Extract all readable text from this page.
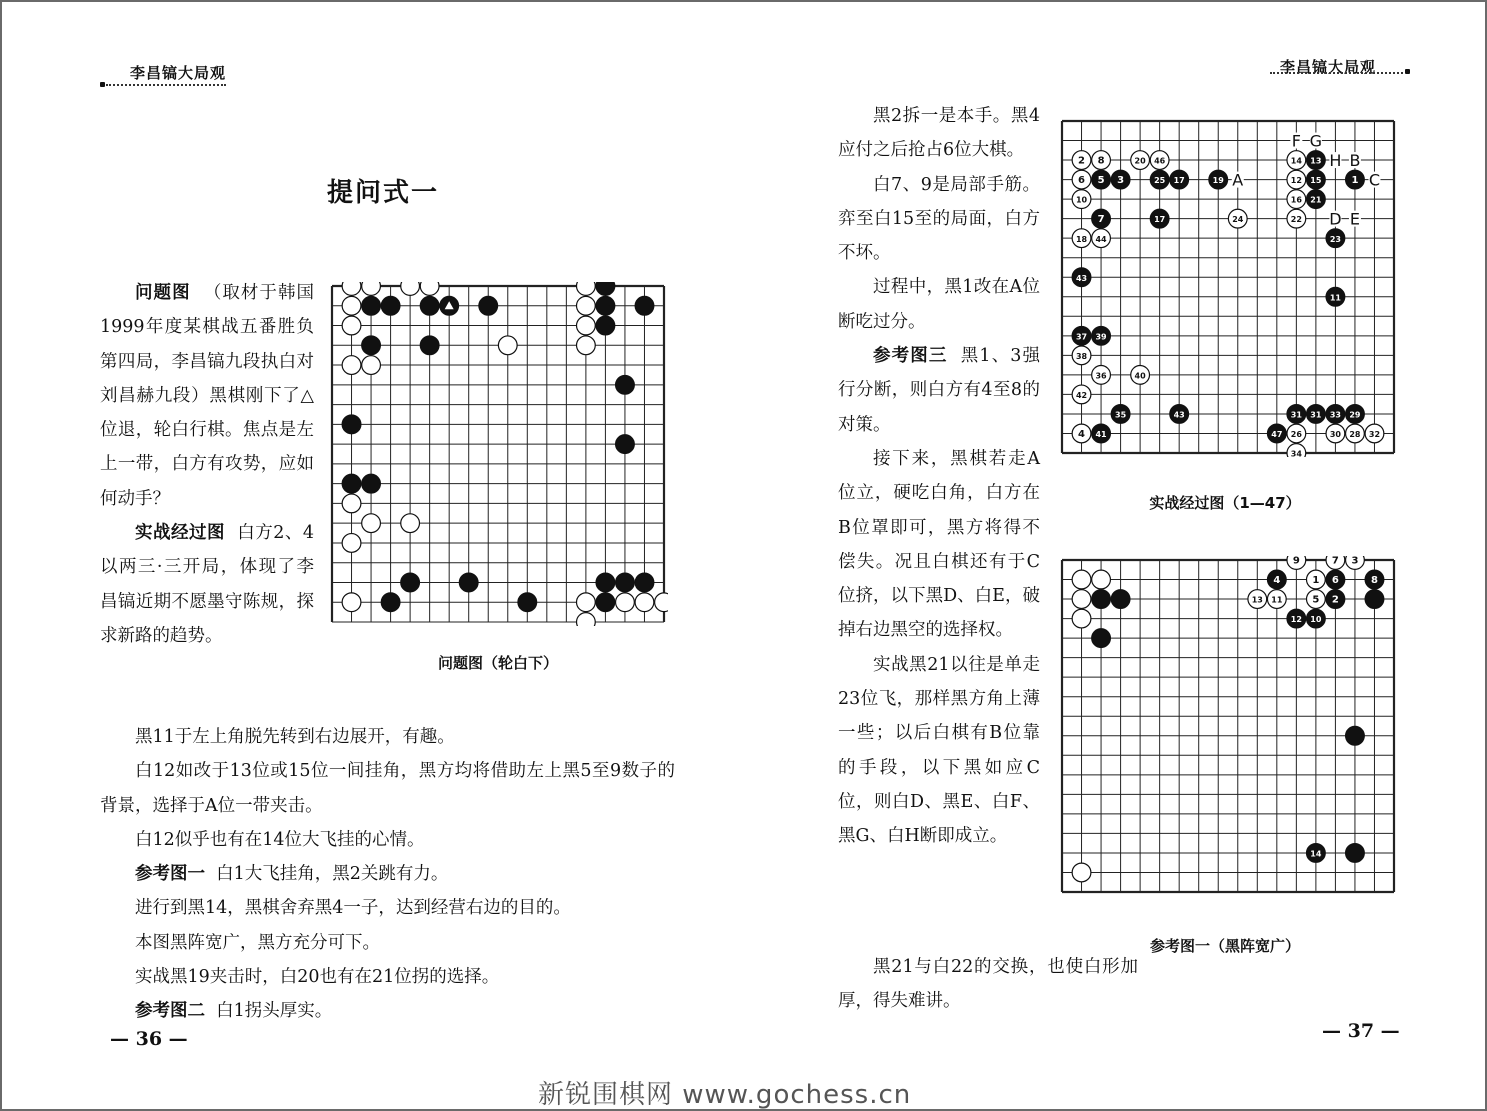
李昌镐大局观	李昌镐大局观
提问式一

问题图 （取材于韩国1999年度某棋战五番胜负第四局，李昌镐九段执白对刘昌赫九段）黑棋刚下了△位退，轮白行棋。焦点是左上一带，白方有攻势，应如何动手？

实战经过图 白方2、4以两三·三开局，体现了李昌镐近期不愿墨守陈规，探求新路的趋势。

问题图（轮白下）

黑11于左上角脱先转到右边展开，有趣。

白12如改于13位或15位一间挂角，黑方均将借助左上黑5至9数子的背景，选择于A位一带夹击。

白12似乎也有在14位大飞挂的心情。

参考图一 白1大飞挂角，黑2关跳有力。

进行到黑14，黑棋舍弃黑4一子，达到经营右边的目的。

本图黑阵宽广，黑方充分可下。

实战黑19夹击时，白20也有在21位拐的选择。

参考图二 白1拐头厚实。

— 36 —

黑2拆一是本手。黑4应付之后抢占6位大棋。

白7、9是局部手筋。弈至白15至的局面，白方不坏。

过程中，黑1改在A位断吃过分。

参考图三 黑1、3强行分断，则白方有4至8的对策。

接下来，黑棋若走A位立，硬吃白角，白方在B位罩即可，黑方将得不偿失。况且白棋还有于C位挤，以下黑D、白E，破掉右边黑空的选择权。

实战黑21以往是单走23位飞，那样黑方角上薄一些；以后白棋有B位靠的手段，以下黑如应C位，则白D、黑E、白F、黑G、白H断即成立。

黑21与白22的交换，也使白形加厚，得失难讲。

2 8	20 46
6 5 3	25 17	19
10
7	17	24
18 44
43
37 39
38
36	40
42
35	43
4 41	47
14 13
12 15	1
16 21
22
23
11
31 31 33 29
26	30 28 32
34
A
B
C
D E
F G
H
实战经过图（1—47）
9	7 3
4	1 6	8
13 11	5 2
12 10
14
参考图一（黑阵宽广）
— 37 —
新锐围棋网 www.gochess.cn
